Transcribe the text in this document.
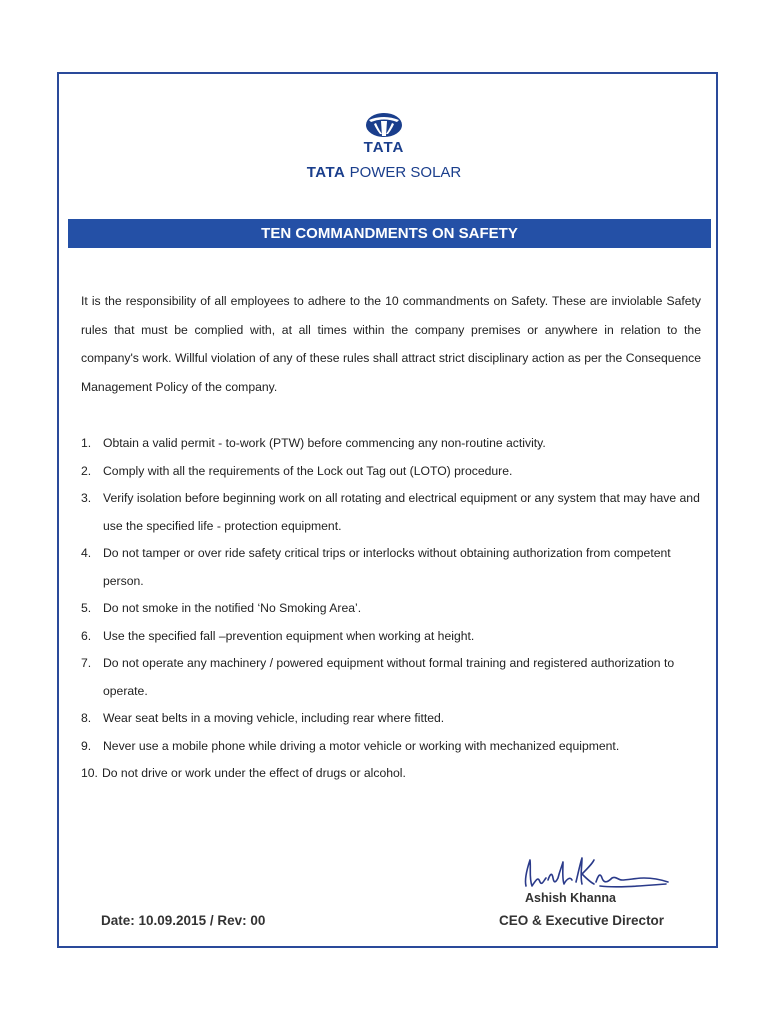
TATA
TATA POWER SOLAR
TEN COMMANDMENTS ON SAFETY
It is the responsibility of all employees to adhere to the 10 commandments on Safety. These are inviolable Safety rules that must be complied with, at all times within the company premises or anywhere in relation to the company's work. Willful violation of any of these rules shall attract strict disciplinary action as per the Consequence Management Policy of the company.
1. Obtain a valid permit - to-work (PTW) before commencing any non-routine activity.
2. Comply with all the requirements of the Lock out Tag out (LOTO) procedure.
3. Verify isolation before beginning work on all rotating and electrical equipment or any system that may have and use the specified life - protection equipment.
4. Do not tamper or over ride safety critical trips or interlocks without obtaining authorization from competent person.
5. Do not smoke in the notified ‘No Smoking Area’.
6. Use the specified fall –prevention equipment when working at height.
7. Do not operate any machinery / powered equipment without formal training and registered authorization to operate.
8. Wear seat belts in a moving vehicle, including rear where fitted.
9. Never use a mobile phone while driving a motor vehicle or working with mechanized equipment.
10. Do not drive or work under the effect of drugs or alcohol.
Ashish Khanna
CEO & Executive Director
Date: 10.09.2015 / Rev: 00
